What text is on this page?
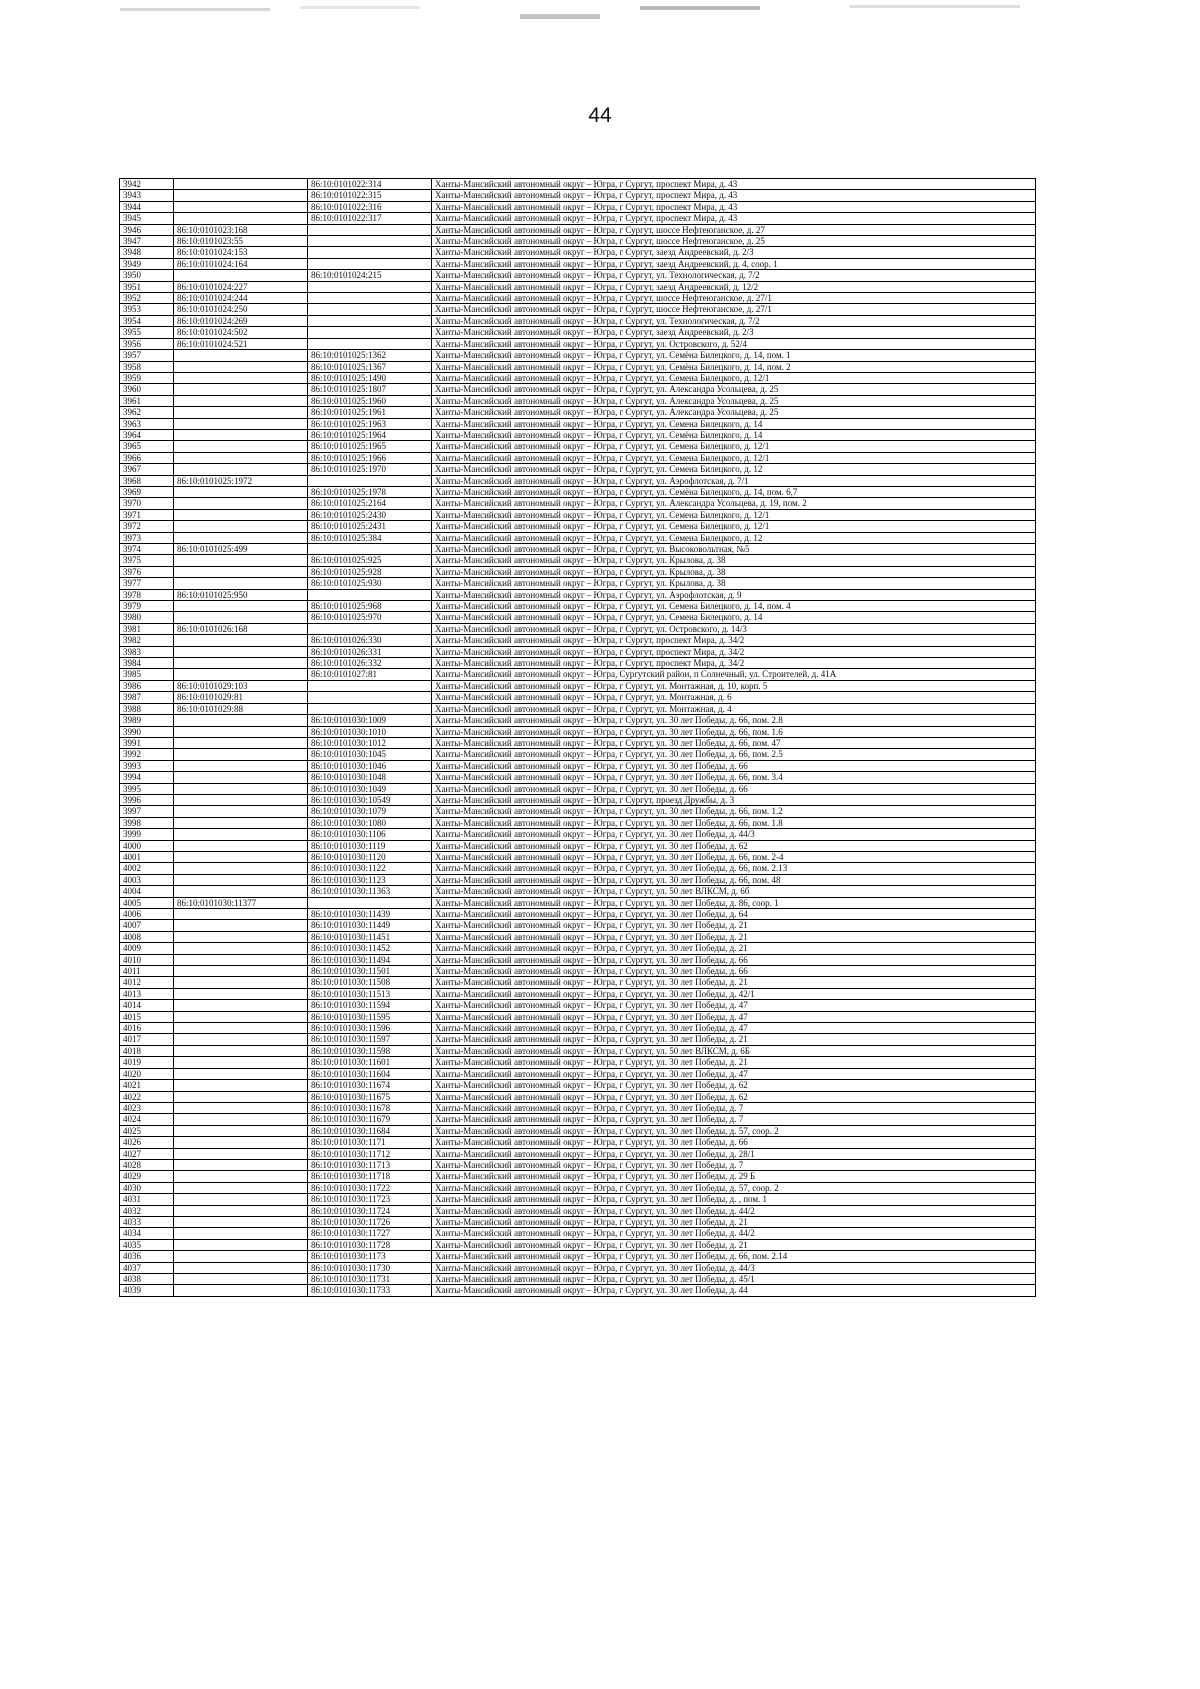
44
3942		86:10:0101022:314	Ханты-Мансийский автономный округ – Югра, г Сургут, проспект Мира, д. 43
3943		86:10:0101022:315	Ханты-Мансийский автономный округ – Югра, г Сургут, проспект Мира, д. 43
3944		86:10:0101022:316	Ханты-Мансийский автономный округ – Югра, г Сургут, проспект Мира, д. 43
3945		86:10:0101022:317	Ханты-Мансийский автономный округ – Югра, г Сургут, проспект Мира, д. 43
3946	86:10:0101023:168		Ханты-Мансийский автономный округ – Югра, г Сургут, шоссе Нефтеюганское, д. 27
3947	86:10:0101023:55		Ханты-Мансийский автономный округ – Югра, г Сургут, шоссе Нефтеюганское, д. 25
3948	86:10:0101024:153		Ханты-Мансийский автономный округ – Югра, г Сургут, заезд Андреевский, д. 2/3
3949	86:10:0101024:164		Ханты-Мансийский автономный округ – Югра, г Сургут, заезд Андреевский, д. 4, соор. 1
3950		86:10:0101024:215	Ханты-Мансийский автономный округ – Югра, г Сургут, ул. Технологическая, д. 7/2
3951	86:10:0101024:227		Ханты-Мансийский автономный округ – Югра, г Сургут, заезд Андреевский, д. 12/2
3952	86:10:0101024:244		Ханты-Мансийский автономный округ – Югра, г Сургут, шоссе Нефтеюганское, д. 27/1
3953	86:10:0101024:250		Ханты-Мансийский автономный округ – Югра, г Сургут, шоссе Нефтеюганское, д. 27/1
3954	86:10:0101024:269		Ханты-Мансийский автономный округ – Югра, г Сургут, ул. Технологическая, д. 7/2
3955	86:10:0101024:502		Ханты-Мансийский автономный округ – Югра, г Сургут, заезд Андреевский, д. 2/3
3956	86:10:0101024:521		Ханты-Мансийский автономный округ – Югра, г Сургут, ул. Островского, д. 52/4
3957		86:10:0101025:1362	Ханты-Мансийский автономный округ – Югра, г Сургут, ул. Семёна Билецкого, д. 14, пом. 1
3958		86:10:0101025:1367	Ханты-Мансийский автономный округ – Югра, г Сургут, ул. Семёна Билецкого, д. 14, пом. 2
3959		86:10:0101025:1490	Ханты-Мансийский автономный округ – Югра, г Сургут, ул. Семена Билецкого, д. 12/1
3960		86:10:0101025:1807	Ханты-Мансийский автономный округ – Югра, г Сургут, ул. Александра Усольцева, д. 25
3961		86:10:0101025:1960	Ханты-Мансийский автономный округ – Югра, г Сургут, ул. Александра Усольцева, д. 25
3962		86:10:0101025:1961	Ханты-Мансийский автономный округ – Югра, г Сургут, ул. Александра Усольцева, д. 25
3963		86:10:0101025:1963	Ханты-Мансийский автономный округ – Югра, г Сургут, ул. Семена Билецкого, д. 14
3964		86:10:0101025:1964	Ханты-Мансийский автономный округ – Югра, г Сургут, ул. Семёна Билецкого, д. 14
3965		86:10:0101025:1965	Ханты-Мансийский автономный округ – Югра, г Сургут, ул. Семена Билецкого, д. 12/1
3966		86:10:0101025:1966	Ханты-Мансийский автономный округ – Югра, г Сургут, ул. Семена Билецкого, д. 12/1
3967		86:10:0101025:1970	Ханты-Мансийский автономный округ – Югра, г Сургут, ул. Семена Билецкого, д. 12
3968	86:10:0101025:1972		Ханты-Мансийский автономный округ – Югра, г Сургут, ул. Аэрофлотская, д. 7/1
3969		86:10:0101025:1978	Ханты-Мансийский автономный округ – Югра, г Сургут, ул. Семёна Билецкого, д. 14, пом. 6,7
3970		86:10:0101025:2164	Ханты-Мансийский автономный округ – Югра, г Сургут, ул. Александра Усольцева, д. 19, пом. 2
3971		86:10:0101025:2430	Ханты-Мансийский автономный округ – Югра, г Сургут, ул. Семена Билецкого, д. 12/1
3972		86:10:0101025:2431	Ханты-Мансийский автономный округ – Югра, г Сургут, ул. Семена Билецкого, д. 12/1
3973		86:10:0101025:384	Ханты-Мансийский автономный округ – Югра, г Сургут, ул. Семена Билецкого, д. 12
3974	86:10:0101025:499		Ханты-Мансийский автономный округ – Югра, г Сургут, ул. Высоковольтная, №5
3975		86:10:0101025:925	Ханты-Мансийский автономный округ – Югра, г Сургут, ул. Крылова, д. 38
3976		86:10:0101025:928	Ханты-Мансийский автономный округ – Югра, г Сургут, ул. Крылова, д. 38
3977		86:10:0101025:930	Ханты-Мансийский автономный округ – Югра, г Сургут, ул. Крылова, д. 38
3978	86:10:0101025:950		Ханты-Мансийский автономный округ – Югра, г Сургут, ул. Аэрофлотская, д. 9
3979		86:10:0101025:968	Ханты-Мансийский автономный округ – Югра, г Сургут, ул. Семена Билецкого, д. 14, пом. 4
3980		86:10:0101025:970	Ханты-Мансийский автономный округ – Югра, г Сургут, ул. Семена Билецкого, д. 14
3981	86:10:0101026:168		Ханты-Мансийский автономный округ – Югра, г Сургут, ул. Островского, д. 14/3
3982		86:10:0101026:330	Ханты-Мансийский автономный округ – Югра, г Сургут, проспект Мира, д. 34/2
3983		86:10:0101026:331	Ханты-Мансийский автономный округ – Югра, г Сургут, проспект Мира, д. 34/2
3984		86:10:0101026:332	Ханты-Мансийский автономный округ – Югра, г Сургут, проспект Мира, д. 34/2
3985		86:10:0101027:81	Ханты-Мансийский автономный округ – Югра, Сургутский район, п Солнечный, ул. Строителей, д. 41А
3986	86:10:0101029:103		Ханты-Мансийский автономный округ – Югра, г Сургут, ул. Монтажная, д. 10, корп. 5
3987	86:10:0101029:81		Ханты-Мансийский автономный округ – Югра, г Сургут, ул. Монтажная, д. 6
3988	86:10:0101029:88		Ханты-Мансийский автономный округ – Югра, г Сургут, ул. Монтажная, д. 4
3989		86:10:0101030:1009	Ханты-Мансийский автономный округ – Югра, г Сургут, ул. 30 лет Победы, д. 66, пом. 2.8
3990		86:10:0101030:1010	Ханты-Мансийский автономный округ – Югра, г Сургут, ул. 30 лет Победы, д. 66, пом. 1.6
3991		86:10:0101030:1012	Ханты-Мансийский автономный округ – Югра, г Сургут, ул. 30 лет Победы, д. 66, пом. 47
3992		86:10:0101030:1045	Ханты-Мансийский автономный округ – Югра, г Сургут, ул. 30 лет Победы, д. 66, пом. 2.5
3993		86:10:0101030:1046	Ханты-Мансийский автономный округ – Югра, г Сургут, ул. 30 лет Победы, д. 66
3994		86:10:0101030:1048	Ханты-Мансийский автономный округ – Югра, г Сургут, ул. 30 лет Победы, д. 66, пом. 3.4
3995		86:10:0101030:1049	Ханты-Мансийский автономный округ – Югра, г Сургут, ул. 30 лет Победы, д. 66
3996		86:10:0101030:10549	Ханты-Мансийский автономный округ – Югра, г Сургут, проезд Дружбы, д. 3
3997		86:10:0101030:1079	Ханты-Мансийский автономный округ – Югра, г Сургут, ул. 30 лет Победы, д. 66, пом. 1.2
3998		86:10:0101030:1080	Ханты-Мансийский автономный округ – Югра, г Сургут, ул. 30 лет Победы, д. 66, пом. 1.8
3999		86:10:0101030:1106	Ханты-Мансийский автономный округ – Югра, г Сургут, ул. 30 лет Победы, д. 44/3
4000		86:10:0101030:1119	Ханты-Мансийский автономный округ – Югра, г Сургут, ул. 30 лет Победы, д. 62
4001		86:10:0101030:1120	Ханты-Мансийский автономный округ – Югра, г Сургут, ул. 30 лет Победы, д. 66, пом. 2-4
4002		86:10:0101030:1122	Ханты-Мансийский автономный округ – Югра, г Сургут, ул. 30 лет Победы, д. 66, пом. 2.13
4003		86:10:0101030:1123	Ханты-Мансийский автономный округ – Югра, г Сургут, ул. 30 лет Победы, д. 66, пом. 48
4004		86:10:0101030:11363	Ханты-Мансийский автономный округ – Югра, г Сургут, ул. 50 лет ВЛКСМ, д. 6б
4005	86:10:0101030:11377		Ханты-Мансийский автономный округ – Югра, г Сургут, ул. 30 лет Победы, д. 86, соор. 1
4006		86:10:0101030:11439	Ханты-Мансийский автономный округ – Югра, г Сургут, ул. 30 лет Победы, д. 64
4007		86:10:0101030:11449	Ханты-Мансийский автономный округ – Югра, г Сургут, ул. 30 лет Победы, д. 21
4008		86:10:0101030:11451	Ханты-Мансийский автономный округ – Югра, г Сургут, ул. 30 лет Победы, д. 21
4009		86:10:0101030:11452	Ханты-Мансийский автономный округ – Югра, г Сургут, ул. 30 лет Победы, д. 21
4010		86:10:0101030:11494	Ханты-Мансийский автономный округ – Югра, г Сургут, ул. 30 лет Победы, д. 66
4011		86:10:0101030:11501	Ханты-Мансийский автономный округ – Югра, г Сургут, ул. 30 лет Победы, д. 66
4012		86:10:0101030:11508	Ханты-Мансийский автономный округ – Югра, г Сургут, ул. 30 лет Победы, д. 21
4013		86:10:0101030:11513	Ханты-Мансийский автономный округ – Югра, г Сургут, ул. 30 лет Победы, д. 42/1
4014		86:10:0101030:11594	Ханты-Мансийский автономный округ – Югра, г Сургут, ул. 30 лет Победы, д. 47
4015		86:10:0101030:11595	Ханты-Мансийский автономный округ – Югра, г Сургут, ул. 30 лет Победы, д. 47
4016		86:10:0101030:11596	Ханты-Мансийский автономный округ – Югра, г Сургут, ул. 30 лет Победы, д. 47
4017		86:10:0101030:11597	Ханты-Мансийский автономный округ – Югра, г Сургут, ул. 30 лет Победы, д. 21
4018		86:10:0101030:11598	Ханты-Мансийский автономный округ – Югра, г Сургут, ул. 50 лет ВЛКСМ, д. 6Б
4019		86:10:0101030:11601	Ханты-Мансийский автономный округ – Югра, г Сургут, ул. 30 лет Победы, д. 21
4020		86:10:0101030:11604	Ханты-Мансийский автономный округ – Югра, г Сургут, ул. 30 лет Победы, д. 47
4021		86:10:0101030:11674	Ханты-Мансийский автономный округ – Югра, г Сургут, ул. 30 лет Победы, д. 62
4022		86:10:0101030:11675	Ханты-Мансийский автономный округ – Югра, г Сургут, ул. 30 лет Победы, д. 62
4023		86:10:0101030:11678	Ханты-Мансийский автономный округ – Югра, г Сургут, ул. 30 лет Победы, д. 7
4024		86:10:0101030:11679	Ханты-Мансийский автономный округ – Югра, г Сургут, ул. 30 лет Победы, д. 7
4025		86:10:0101030:11684	Ханты-Мансийский автономный округ – Югра, г Сургут, ул. 30 лет Победы, д. 57, соор. 2
4026		86:10:0101030:1171	Ханты-Мансийский автономный округ – Югра, г Сургут, ул. 30 лет Победы, д. 66
4027		86:10:0101030:11712	Ханты-Мансийский автономный округ – Югра, г Сургут, ул. 30 лет Победы, д. 28/1
4028		86:10:0101030:11713	Ханты-Мансийский автономный округ – Югра, г Сургут, ул. 30 лет Победы, д. 7
4029		86:10:0101030:11718	Ханты-Мансийский автономный округ – Югра, г Сургут, ул. 30 лет Победы, д. 29 Б
4030		86:10:0101030:11722	Ханты-Мансийский автономный округ – Югра, г Сургут, ул. 30 лет Победы, д. 57, соор. 2
4031		86:10:0101030:11723	Ханты-Мансийский автономный округ – Югра, г Сургут, ул. 30 лет Победы, д. , пом. 1
4032		86:10:0101030:11724	Ханты-Мансийский автономный округ – Югра, г Сургут, ул. 30 лет Победы, д. 44/2
4033		86:10:0101030:11726	Ханты-Мансийский автономный округ – Югра, г Сургут, ул. 30 лет Победы, д. 21
4034		86:10:0101030:11727	Ханты-Мансийский автономный округ – Югра, г Сургут, ул. 30 лет Победы, д. 44/2
4035		86:10:0101030:11728	Ханты-Мансийский автономный округ – Югра, г Сургут, ул. 30 лет Победы, д. 21
4036		86:10:0101030:1173	Ханты-Мансийский автономный округ – Югра, г Сургут, ул. 30 лет Победы, д. 66, пом. 2.14
4037		86:10:0101030:11730	Ханты-Мансийский автономный округ – Югра, г Сургут, ул. 30 лет Победы, д. 44/3
4038		86:10:0101030:11731	Ханты-Мансийский автономный округ – Югра, г Сургут, ул. 30 лет Победы, д. 45/1
4039		86:10:0101030:11733	Ханты-Мансийский автономный округ – Югра, г Сургут, ул. 30 лет Победы, д. 44
